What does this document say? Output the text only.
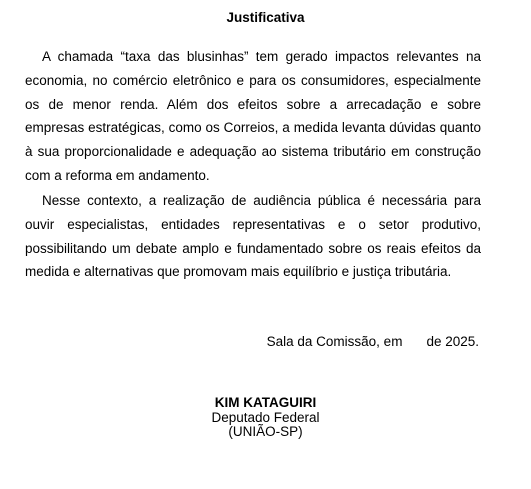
Justificativa

A chamada “taxa das blusinhas” tem gerado impactos relevantes na economia, no comércio eletrônico e para os consumidores, especialmente os de menor renda. Além dos efeitos sobre a arrecadação e sobre empresas estratégicas, como os Correios, a medida levanta dúvidas quanto à sua proporcionalidade e adequação ao sistema tributário em construção com a reforma em andamento.

Nesse contexto, a realização de audiência pública é necessária para ouvir especialistas, entidades representativas e o setor produtivo, possibilitando um debate amplo e fundamentado sobre os reais efeitos da medida e alternativas que promovam mais equilíbrio e justiça tributária.

Sala da Comissão, em de 2025.
KIM KATAGUIRI
Deputado Federal
(UNIÃO-SP)
